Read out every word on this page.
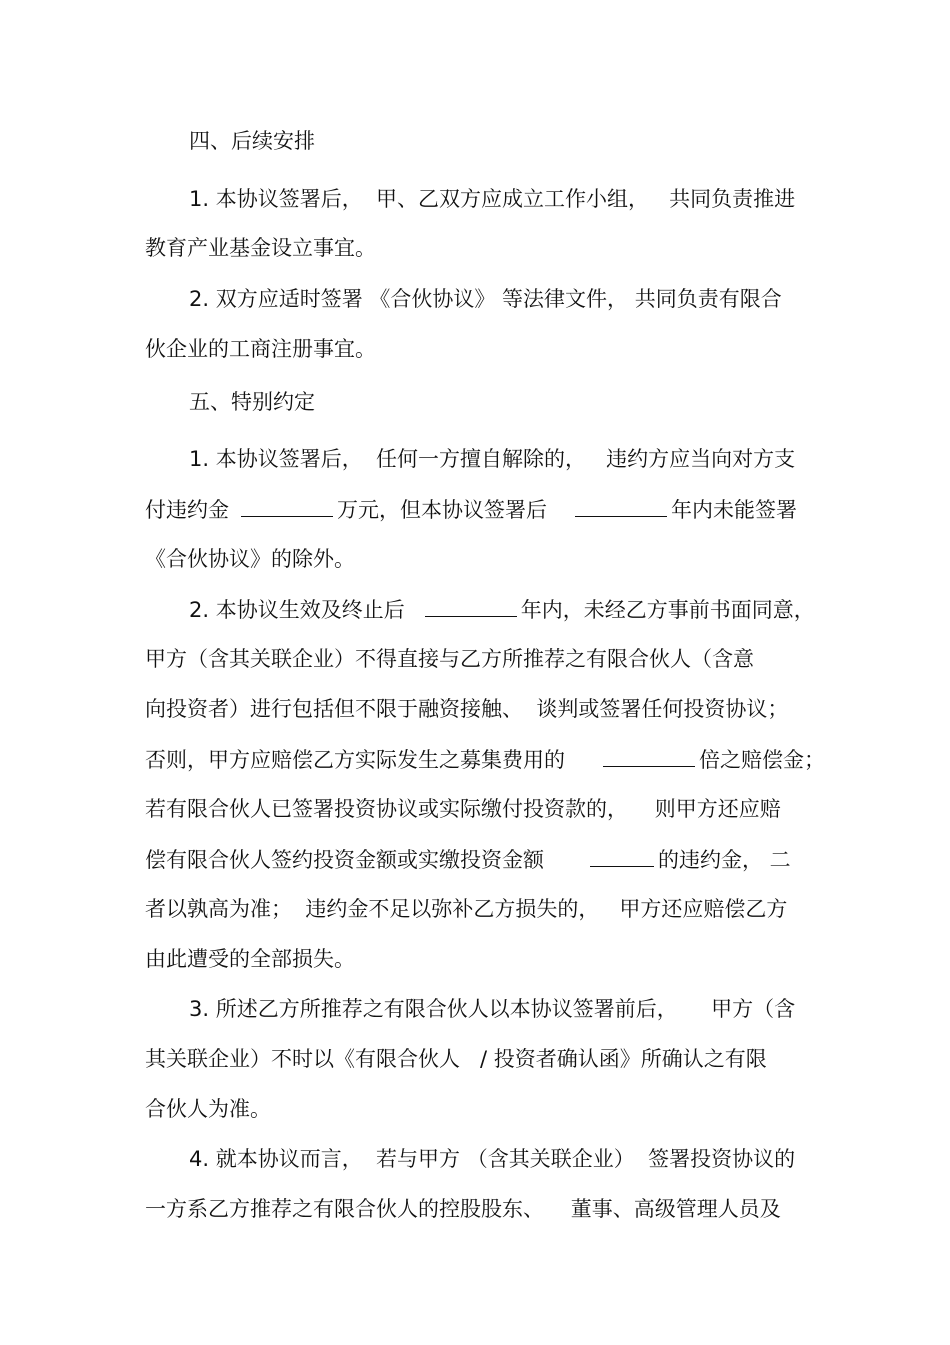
四、后续安排
1. 本协议签署后，  甲、乙双方应成立工作小组，   共同负责推进
教育产业基金设立事宜。
2. 双方应适时签署 《合伙协议》 等法律文件， 共同负责有限合
伙企业的工商注册事宜。
五、特别约定
1. 本协议签署后，  任何一方擅自解除的，   违约方应当向对方支
付违约金	万元，但本协议签署后	年内未能签署
《合伙协议》的除外。
2. 本协议生效及终止后	年内，未经乙方事前书面同意，
甲方（含其关联企业）不得直接与乙方所推荐之有限合伙人（含意
向投资者）进行包括但不限于融资接触、  谈判或签署任何投资协议；
否则，甲方应赔偿乙方实际发生之募集费用的	倍之赔偿金；
若有限合伙人已签署投资协议或实际缴付投资款的，    则甲方还应赔
偿有限合伙人签约投资金额或实缴投资金额	的违约金， 二
者以孰高为准；  违约金不足以弥补乙方损失的，   甲方还应赔偿乙方
由此遭受的全部损失。
3. 所述乙方所推荐之有限合伙人以本协议签署前后，     甲方（含
其关联企业）不时以《有限合伙人   / 投资者确认函》所确认之有限
合伙人为准。
4. 就本协议而言，  若与甲方 （含其关联企业）  签署投资协议的
一方系乙方推荐之有限合伙人的控股股东、    董事、高级管理人员及
